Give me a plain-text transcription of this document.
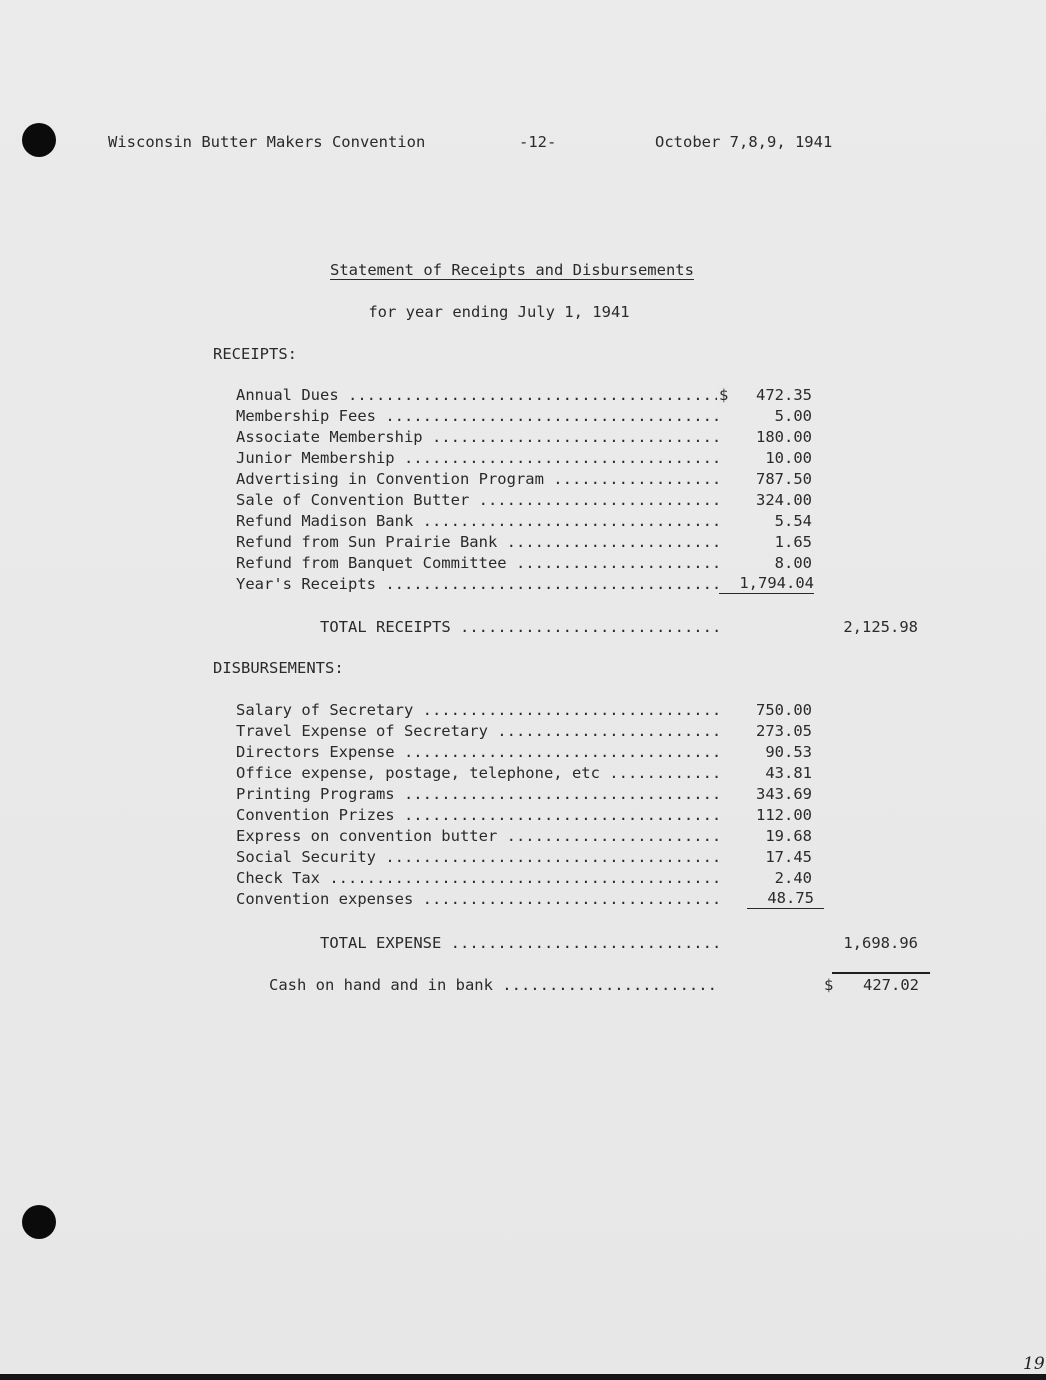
Wisconsin Butter Makers Convention	-12-	October 7,8,9, 1941
Statement of Receipts and Disbursements
for year ending July 1, 1941
RECEIPTS:
Annual Dues .....	$ 472.35
Membership Fees .....	5.00
Associate Membership .....	180.00
Junior Membership .....	10.00
Advertising in Convention Program .....	787.50
Sale of Convention Butter .....	324.00
Refund Madison Bank .....	5.54
Refund from Sun Prairie Bank .....	1.65
Refund from Banquet Committee .....	8.00
Year's Receipts .....	1,794.04
TOTAL RECEIPTS .....	2,125.98
DISBURSEMENTS:
Salary of Secretary .....	750.00
Travel Expense of Secretary .....	273.05
Directors Expense .....	90.53
Office expense, postage, telephone, etc .....	43.81
Printing Programs .....	343.69
Convention Prizes .....	112.00
Express on convention butter .....	19.68
Social Security .....	17.45
Check Tax .....	2.40
Convention expenses .....	48.75
TOTAL EXPENSE .....	1,698.96
Cash on hand and in bank .....	$ 427.02
19
